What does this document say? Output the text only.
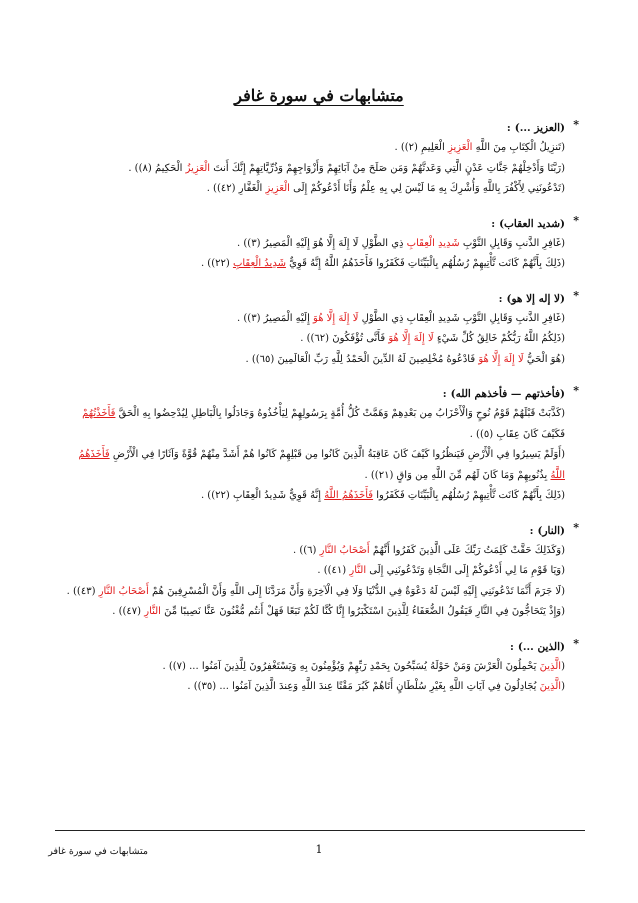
متشابهات في سورة غافر
*
(العزيز ...):
(تَنزِيلُ الْكِتَابِ مِنَ اللَّهِ الْعَزِيزِ الْعَلِيمِ (٢)) .
(رَبَّنَا وَأَدْخِلْهُمْ جَنَّاتِ عَدْنٍ الَّتِي وَعَدتَّهُمْ وَمَن صَلَحَ مِنْ آبَائِهِمْ وَأَزْوَاجِهِمْ وَذُرِّيَّاتِهِمْ إِنَّكَ أَنتَ الْعَزِيزُ الْحَكِيمُ (٨)) .
(تَدْعُونَنِي لِأَكْفُرَ بِاللَّهِ وَأُشْرِكَ بِهِ مَا لَيْسَ لِي بِهِ عِلْمٌ وَأَنَا أَدْعُوكُمْ إِلَى الْعَزِيزِ الْغَفَّارِ (٤٢)) .
*
(شديد العقاب):
(غَافِرِ الذَّنبِ وَقَابِلِ التَّوْبِ شَدِيدِ الْعِقَابِ ذِي الطَّوْلِ لَا إِلَهَ إِلَّا هُوَ إِلَيْهِ الْمَصِيرُ (٣)) .
(ذَلِكَ بِأَنَّهُمْ كَانَت تَّأْتِيهِمْ رُسُلُهُم بِالْبَيِّنَاتِ فَكَفَرُوا فَأَخَذَهُمُ اللَّهُ إِنَّهُ قَوِيٌّ شَدِيدُ الْعِقَابِ (٢٢)) .
*
(لا إله إلا هو):
(غَافِرِ الذَّنبِ وَقَابِلِ التَّوْبِ شَدِيدِ الْعِقَابِ ذِي الطَّوْلِ لَا إِلَهَ إِلَّا هُوَ إِلَيْهِ الْمَصِيرُ (٣)) .
(ذَلِكُمُ اللَّهُ رَبُّكُمْ خَالِقُ كُلِّ شَيْءٍ لَا إِلَهَ إِلَّا هُوَ فَأَنَّى تُؤْفَكُونَ (٦٢)) .
(هُوَ الْحَيُّ لَا إِلَهَ إِلَّا هُوَ فَادْعُوهُ مُخْلِصِينَ لَهُ الدِّينَ الْحَمْدُ لِلَّهِ رَبِّ الْعَالَمِينَ (٦٥)) .
*
(فأخذتهم — فأخذهم الله):
(كَذَّبَتْ قَبْلَهُمْ قَوْمُ نُوحٍ وَالْأَحْزَابُ مِن بَعْدِهِمْ وَهَمَّتْ كُلُّ أُمَّةٍ بِرَسُولِهِمْ لِيَأْخُذُوهُ وَجَادَلُوا بِالْبَاطِلِ لِيُدْحِضُوا بِهِ الْحَقَّ فَأَخَذْتُهُمْ فَكَيْفَ كَانَ عِقَابِ (٥)) .
(أَوَلَمْ يَسِيرُوا فِي الْأَرْضِ فَيَنظُرُوا كَيْفَ كَانَ عَاقِبَةُ الَّذِينَ كَانُوا مِن قَبْلِهِمْ كَانُوا هُمْ أَشَدَّ مِنْهُمْ قُوَّةً وَآثَارًا فِي الْأَرْضِ فَأَخَذَهُمُ اللَّهُ بِذُنُوبِهِمْ وَمَا كَانَ لَهُم مِّنَ اللَّهِ مِن وَاقٍ (٢١)) .
(ذَلِكَ بِأَنَّهُمْ كَانَت تَّأْتِيهِمْ رُسُلُهُم بِالْبَيِّنَاتِ فَكَفَرُوا فَأَخَذَهُمُ اللَّهُ إِنَّهُ قَوِيٌّ شَدِيدُ الْعِقَابِ (٢٢)) .
*
(النار):
(وَكَذَلِكَ حَقَّتْ كَلِمَتُ رَبِّكَ عَلَى الَّذِينَ كَفَرُوا أَنَّهُمْ أَصْحَابُ النَّارِ (٦)) .
(وَيَا قَوْمِ مَا لِي أَدْعُوكُمْ إِلَى النَّجَاةِ وَتَدْعُونَنِي إِلَى النَّارِ (٤١)) .
(لَا جَرَمَ أَنَّمَا تَدْعُونَنِي إِلَيْهِ لَيْسَ لَهُ دَعْوَةٌ فِي الدُّنْيَا وَلَا فِي الْآخِرَةِ وَأَنَّ مَرَدَّنَا إِلَى اللَّهِ وَأَنَّ الْمُسْرِفِينَ هُمْ أَصْحَابُ النَّارِ (٤٣)) .
(وَإِذْ يَتَحَاجُّونَ فِي النَّارِ فَيَقُولُ الضُّعَفَاءُ لِلَّذِينَ اسْتَكْبَرُوا إِنَّا كُنَّا لَكُمْ تَبَعًا فَهَلْ أَنتُم مُّغْنُونَ عَنَّا نَصِيبًا مِّنَ النَّارِ (٤٧)) .
*
(الذين ...):
(الَّذِينَ يَحْمِلُونَ الْعَرْشَ وَمَنْ حَوْلَهُ يُسَبِّحُونَ بِحَمْدِ رَبِّهِمْ وَيُؤْمِنُونَ بِهِ وَيَسْتَغْفِرُونَ لِلَّذِينَ آمَنُوا ... (٧)) .
(الَّذِينَ يُجَادِلُونَ فِي آيَاتِ اللَّهِ بِغَيْرِ سُلْطَانٍ أَتَاهُمْ كَبُرَ مَقْتًا عِندَ اللَّهِ وَعِندَ الَّذِينَ آمَنُوا ... (٣٥)) .
1
متشابهات في سورة غافر
